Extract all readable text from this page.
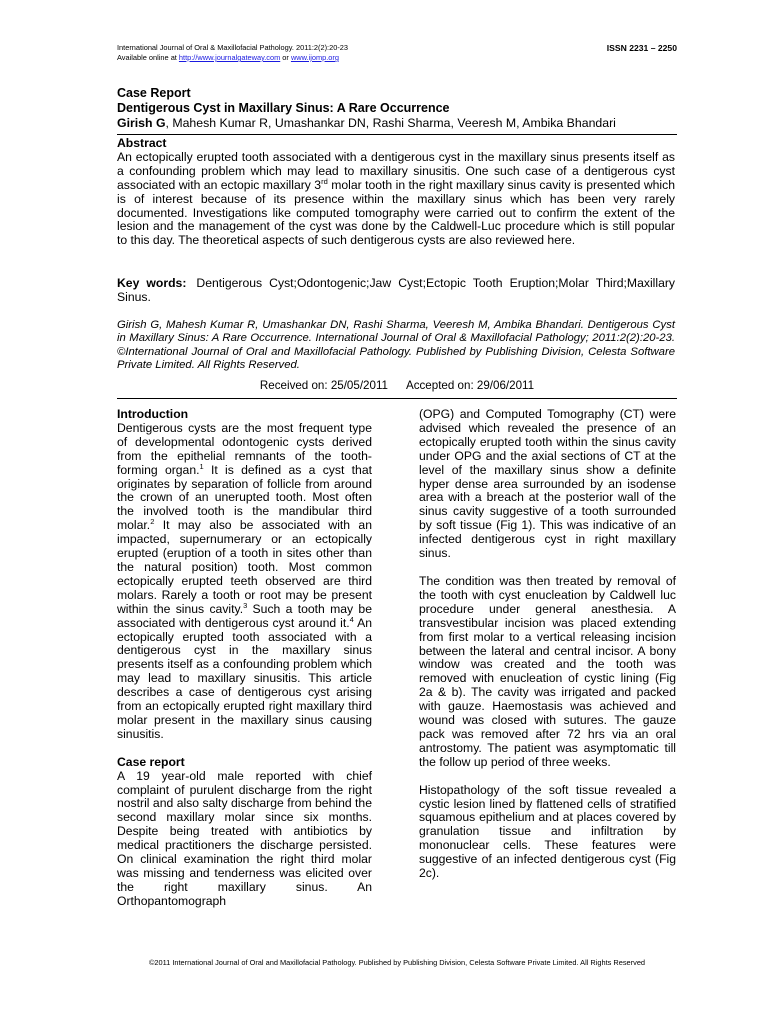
International Journal of Oral & Maxillofacial Pathology. 2011:2(2):20-23
Available online at http://www.journalgateway.com or www.ijomp.org
ISSN 2231 – 2250
Case Report
Dentigerous Cyst in Maxillary Sinus: A Rare Occurrence
Girish G, Mahesh Kumar R, Umashankar DN, Rashi Sharma, Veeresh M, Ambika Bhandari
Abstract
An ectopically erupted tooth associated with a dentigerous cyst in the maxillary sinus presents itself as a confounding problem which may lead to maxillary sinusitis. One such case of a dentigerous cyst associated with an ectopic maxillary 3rd molar tooth in the right maxillary sinus cavity is presented which is of interest because of its presence within the maxillary sinus which has been very rarely documented. Investigations like computed tomography were carried out to confirm the extent of the lesion and the management of the cyst was done by the Caldwell-Luc procedure which is still popular to this day. The theoretical aspects of such dentigerous cysts are also reviewed here.
Key words: Dentigerous Cyst;Odontogenic;Jaw Cyst;Ectopic Tooth Eruption;Molar Third;Maxillary Sinus.
Girish G, Mahesh Kumar R, Umashankar DN, Rashi Sharma, Veeresh M, Ambika Bhandari. Dentigerous Cyst in Maxillary Sinus: A Rare Occurrence. International Journal of Oral & Maxillofacial Pathology; 2011:2(2):20-23. ©International Journal of Oral and Maxillofacial Pathology. Published by Publishing Division, Celesta Software Private Limited. All Rights Reserved.
Received on: 25/05/2011 Accepted on: 29/06/2011
Introduction

Dentigerous cysts are the most frequent type of developmental odontogenic cysts derived from the epithelial remnants of the tooth-forming organ.$^1$ It is defined as a cyst that originates by separation of follicle from around the crown of an unerupted tooth. Most often the involved tooth is the mandibular third molar.$^2$ It may also be associated with an impacted, supernumerary or an ectopically erupted (eruption of a tooth in sites other than the natural position) tooth. Most common ectopically erupted teeth observed are third molars. Rarely a tooth or root may be present within the sinus cavity.$^3$ Such a tooth may be associated with dentigerous cyst around it.$^4$ An ectopically erupted tooth associated with a dentigerous cyst in the maxillary sinus presents itself as a confounding problem which may lead to maxillary sinusitis. This article describes a case of dentigerous cyst arising from an ectopically erupted right maxillary third molar present in the maxillary sinus causing sinusitis.

Case report

A 19 year-old male reported with chief complaint of purulent discharge from the right nostril and also salty discharge from behind the second maxillary molar since six months. Despite being treated with antibiotics by medical practitioners the discharge persisted. On clinical examination the right third molar was missing and tenderness was elicited over the right maxillary sinus. An Orthopantomograph

(OPG) and Computed Tomography (CT) were advised which revealed the presence of an ectopically erupted tooth within the sinus cavity under OPG and the axial sections of CT at the level of the maxillary sinus show a definite hyper dense area surrounded by an isodense area with a breach at the posterior wall of the sinus cavity suggestive of a tooth surrounded by soft tissue (Fig 1). This was indicative of an infected dentigerous cyst in right maxillary sinus.

The condition was then treated by removal of the tooth with cyst enucleation by Caldwell luc procedure under general anesthesia. A transvestibular incision was placed extending from first molar to a vertical releasing incision between the lateral and central incisor. A bony window was created and the tooth was removed with enucleation of cystic lining (Fig 2a & b). The cavity was irrigated and packed with gauze. Haemostasis was achieved and wound was closed with sutures. The gauze pack was removed after 72 hrs via an oral antrostomy. The patient was asymptomatic till the follow up period of three weeks.

Histopathology of the soft tissue revealed a cystic lesion lined by flattened cells of stratified squamous epithelium and at places covered by granulation tissue and infiltration by mononuclear cells. These features were suggestive of an infected dentigerous cyst (Fig 2c).

©2011 International Journal of Oral and Maxillofacial Pathology. Published by Publishing Division, Celesta Software Private Limited. All Rights Reserved
